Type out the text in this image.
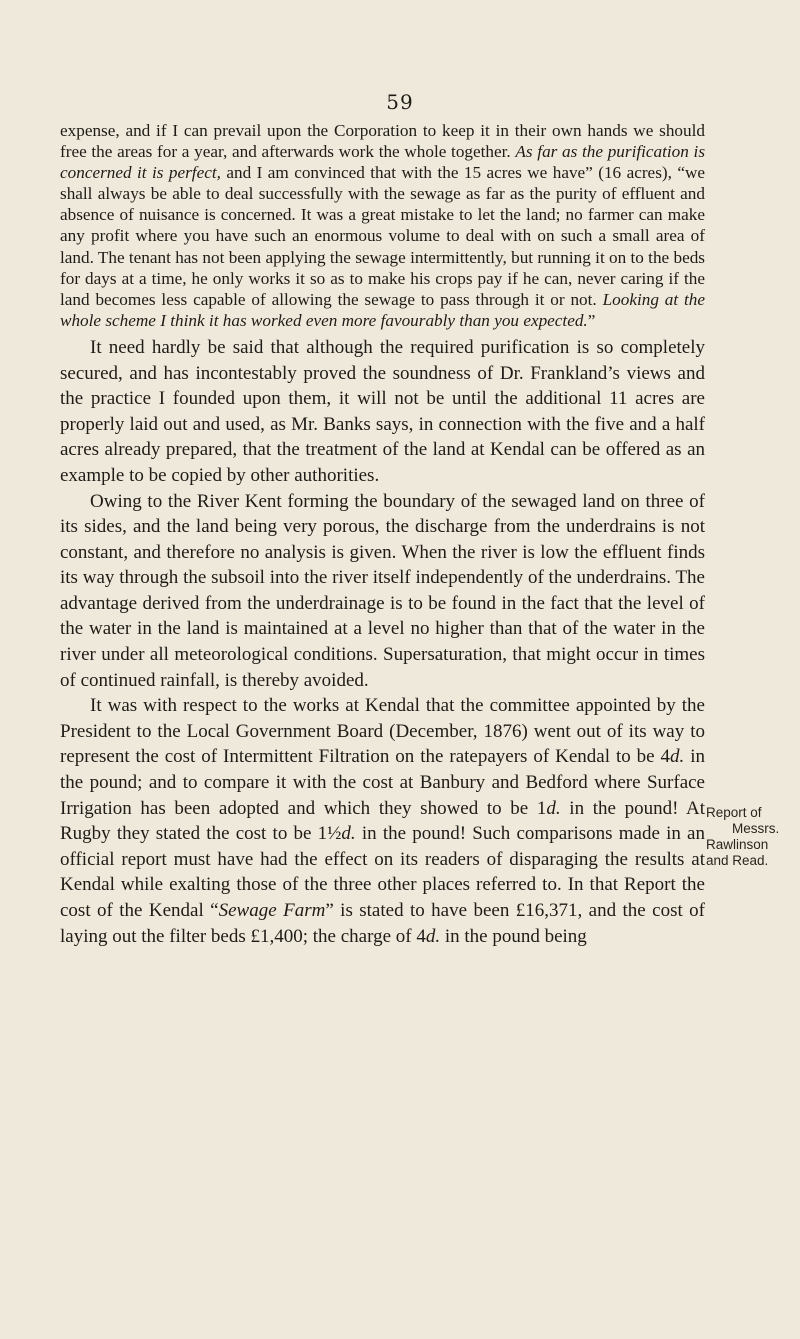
59

expense, and if I can prevail upon the Corporation to keep it in their own hands we should free the areas for a year, and afterwards work the whole together. As far as the purification is concerned it is perfect, and I am convinced that with the 15 acres we have” (16 acres), “we shall always be able to deal successfully with the sewage as far as the purity of effluent and absence of nuisance is concerned. It was a great mistake to let the land; no farmer can make any profit where you have such an enormous volume to deal with on such a small area of land. The tenant has not been applying the sewage intermittently, but running it on to the beds for days at a time, he only works it so as to make his crops pay if he can, never caring if the land becomes less capable of allowing the sewage to pass through it or not. Looking at the whole scheme I think it has worked even more favourably than you expected.”

It need hardly be said that although the required purification is so completely secured, and has incontestably proved the soundness of Dr. Frankland’s views and the practice I founded upon them, it will not be until the additional 11 acres are properly laid out and used, as Mr. Banks says, in connection with the five and a half acres already prepared, that the treatment of the land at Kendal can be offered as an example to be copied by other authorities.

Owing to the River Kent forming the boundary of the sewaged land on three of its sides, and the land being very porous, the discharge from the underdrains is not constant, and therefore no analysis is given. When the river is low the effluent finds its way through the subsoil into the river itself independently of the underdrains. The advantage derived from the underdrainage is to be found in the fact that the level of the water in the land is maintained at a level no higher than that of the water in the river under all meteorological conditions. Supersaturation, that might occur in times of continued rainfall, is thereby avoided.

It was with respect to the works at Kendal that the committee appointed by the President to the Local Government Board (December, 1876) went out of its way to represent the cost of Intermittent Filtration on the ratepayers of Kendal to be 4d. in the pound; and to compare it with the cost at Banbury and Bedford where Surface Irrigation has been adopted and which they showed to be 1d. in the pound! At Rugby they stated the cost to be 1½d. in the pound! Such comparisons made in an official report must have had the effect on its readers of disparaging the results at Kendal while exalting those of the three other places referred to. In that Report the cost of the Kendal “Sewage Farm” is stated to have been £16,371, and the cost of laying out the filter beds £1,400; the charge of 4d. in the pound being

Report of
Messrs.
Rawlinson
and Read.
